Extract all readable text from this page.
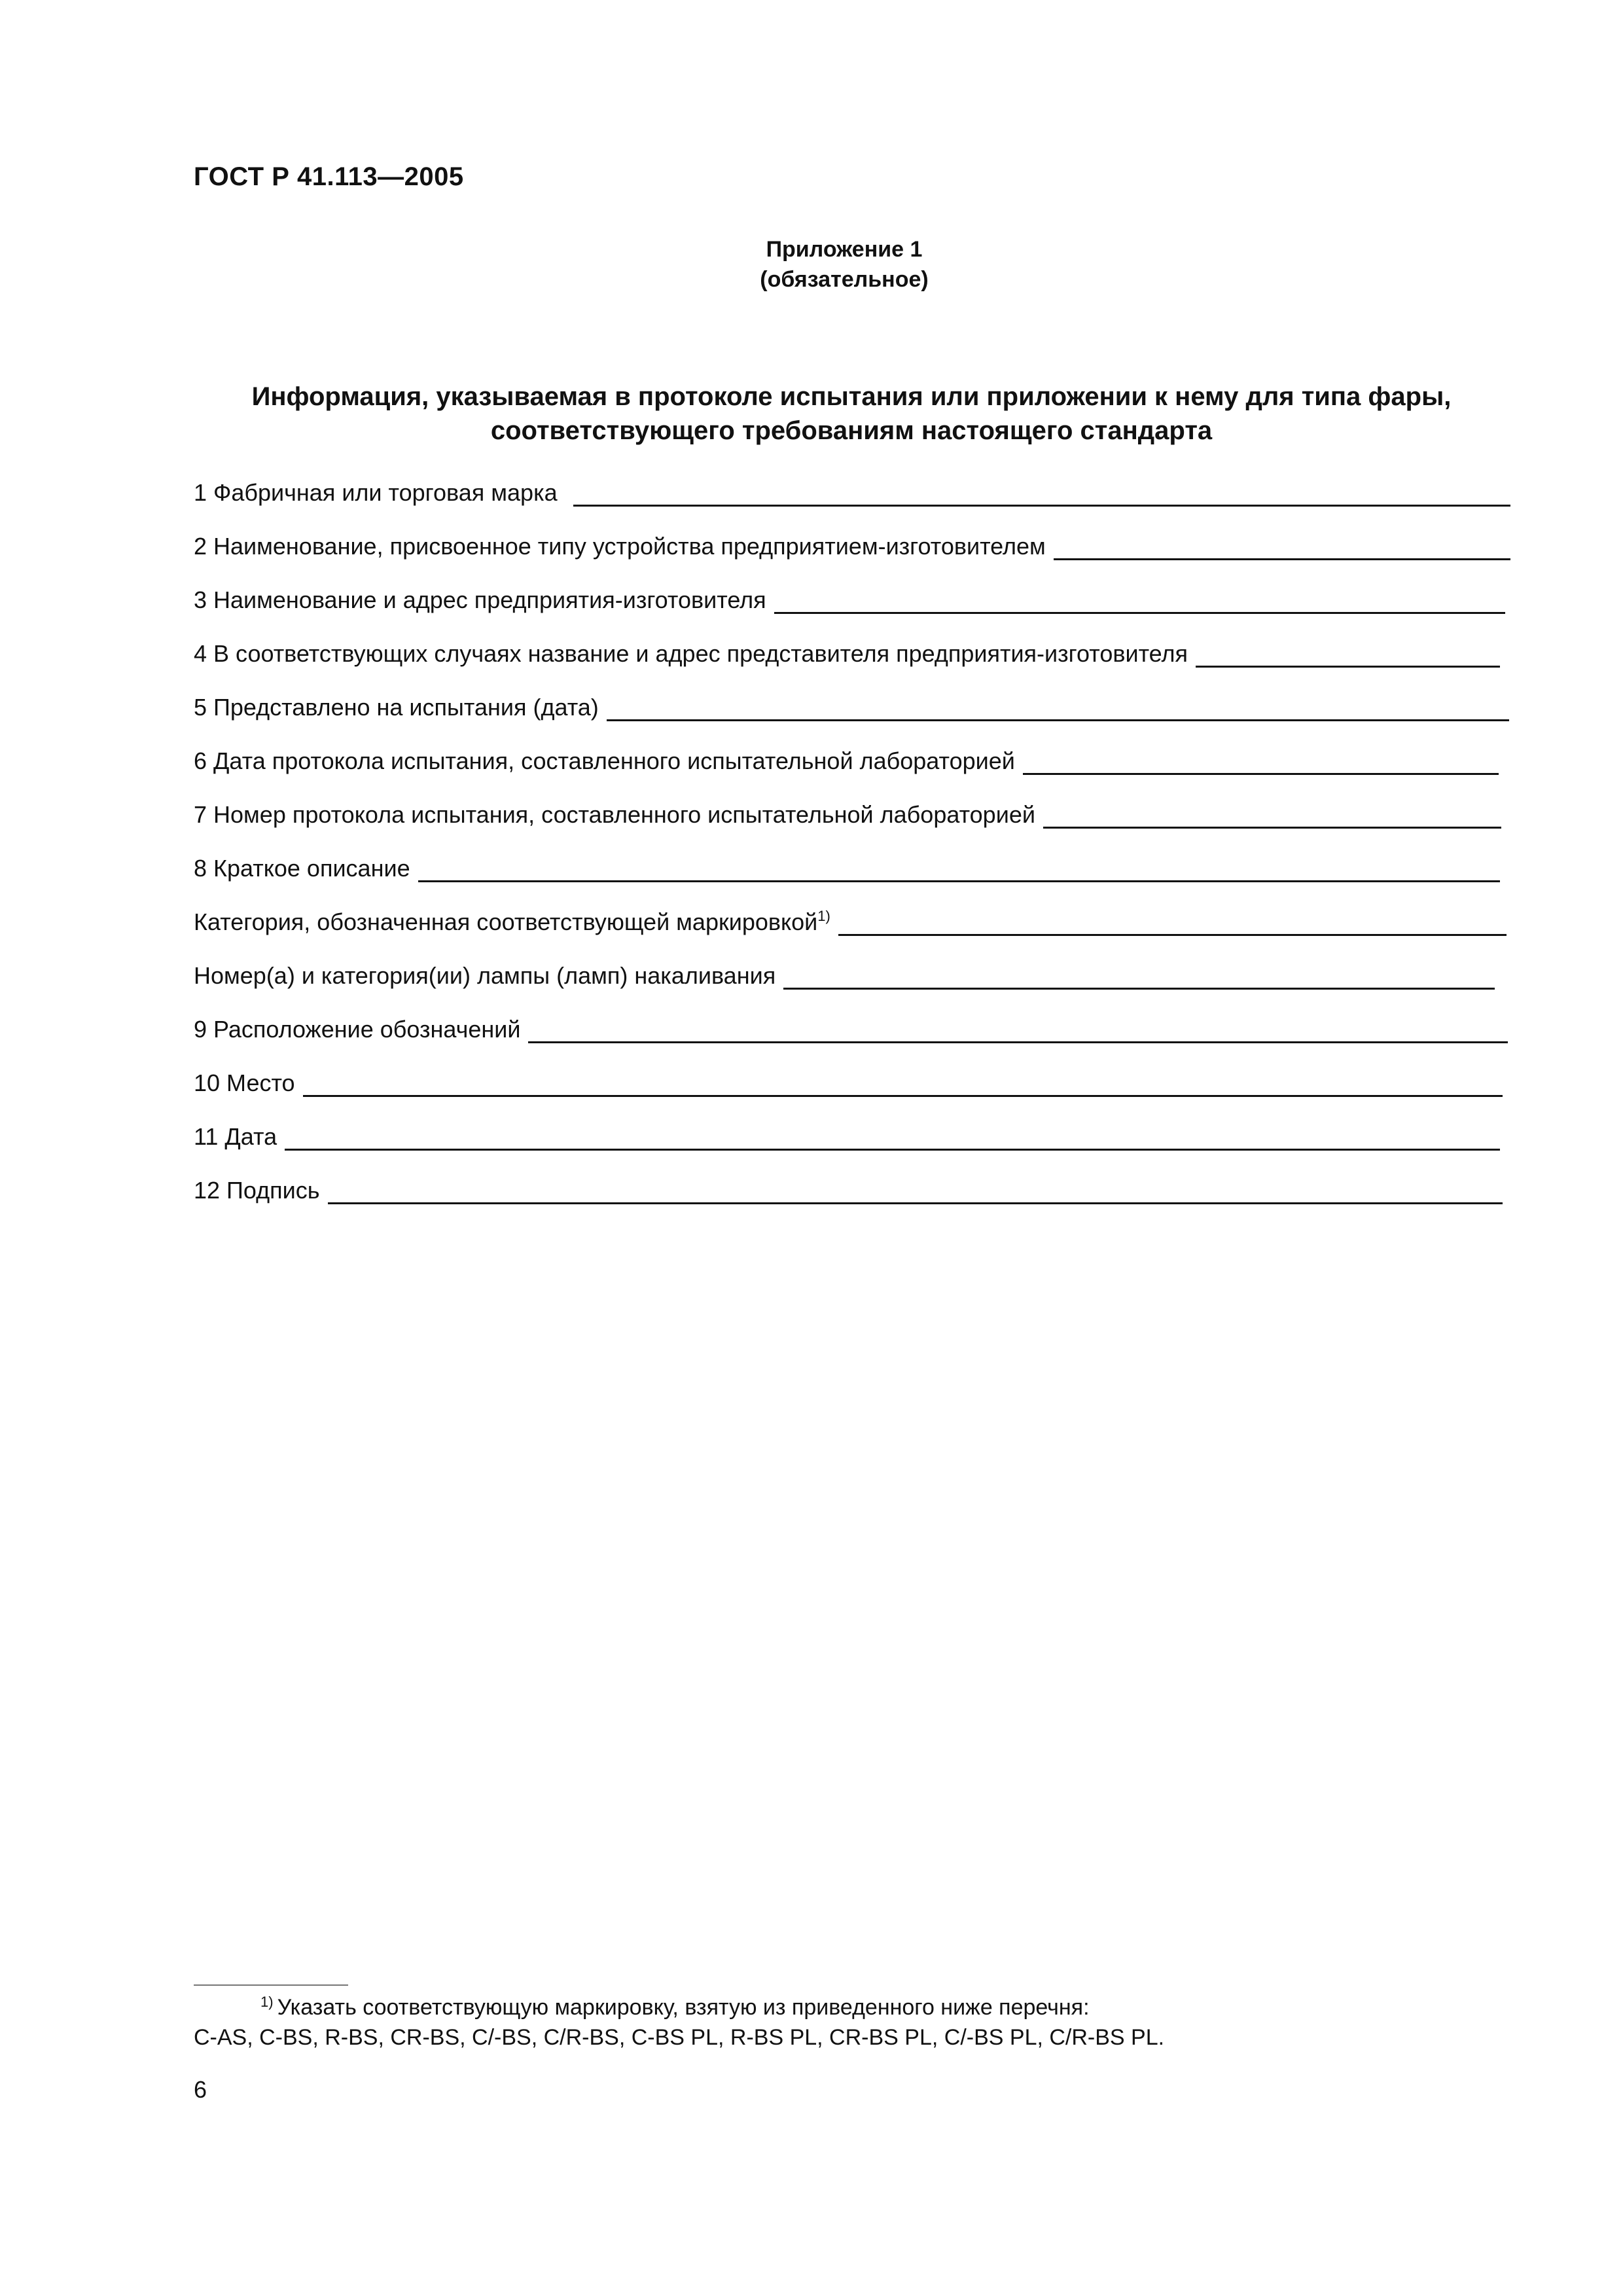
ГОСТ Р 41.113—2005
Приложение 1
(обязательное)
Информация, указываемая в протоколе испытания или приложении к нему для типа фары,
соответствующего требованиям настоящего стандарта
1 Фабричная или торговая марка
2 Наименование, присвоенное типу устройства предприятием-изготовителем
3 Наименование и адрес предприятия-изготовителя
4 В соответствующих случаях название и адрес представителя предприятия-изготовителя
5 Представлено на испытания (дата)
6 Дата протокола испытания, составленного испытательной лабораторией
7 Номер протокола испытания, составленного испытательной лабораторией
8 Краткое описание
Категория, обозначенная соответствующей маркировкой$^{1)}$
Номер(а) и категория(ии) лампы (ламп) накаливания
9 Расположение обозначений
10 Место
11 Дата
12 Подпись
$^{1)}$ Указать соответствующую маркировку, взятую из приведенного ниже перечня:
C-AS, C-BS, R-BS, CR-BS, C/-BS, C/R-BS, C-BS PL, R-BS PL, CR-BS PL, C/-BS PL, C/R-BS PL.
6
